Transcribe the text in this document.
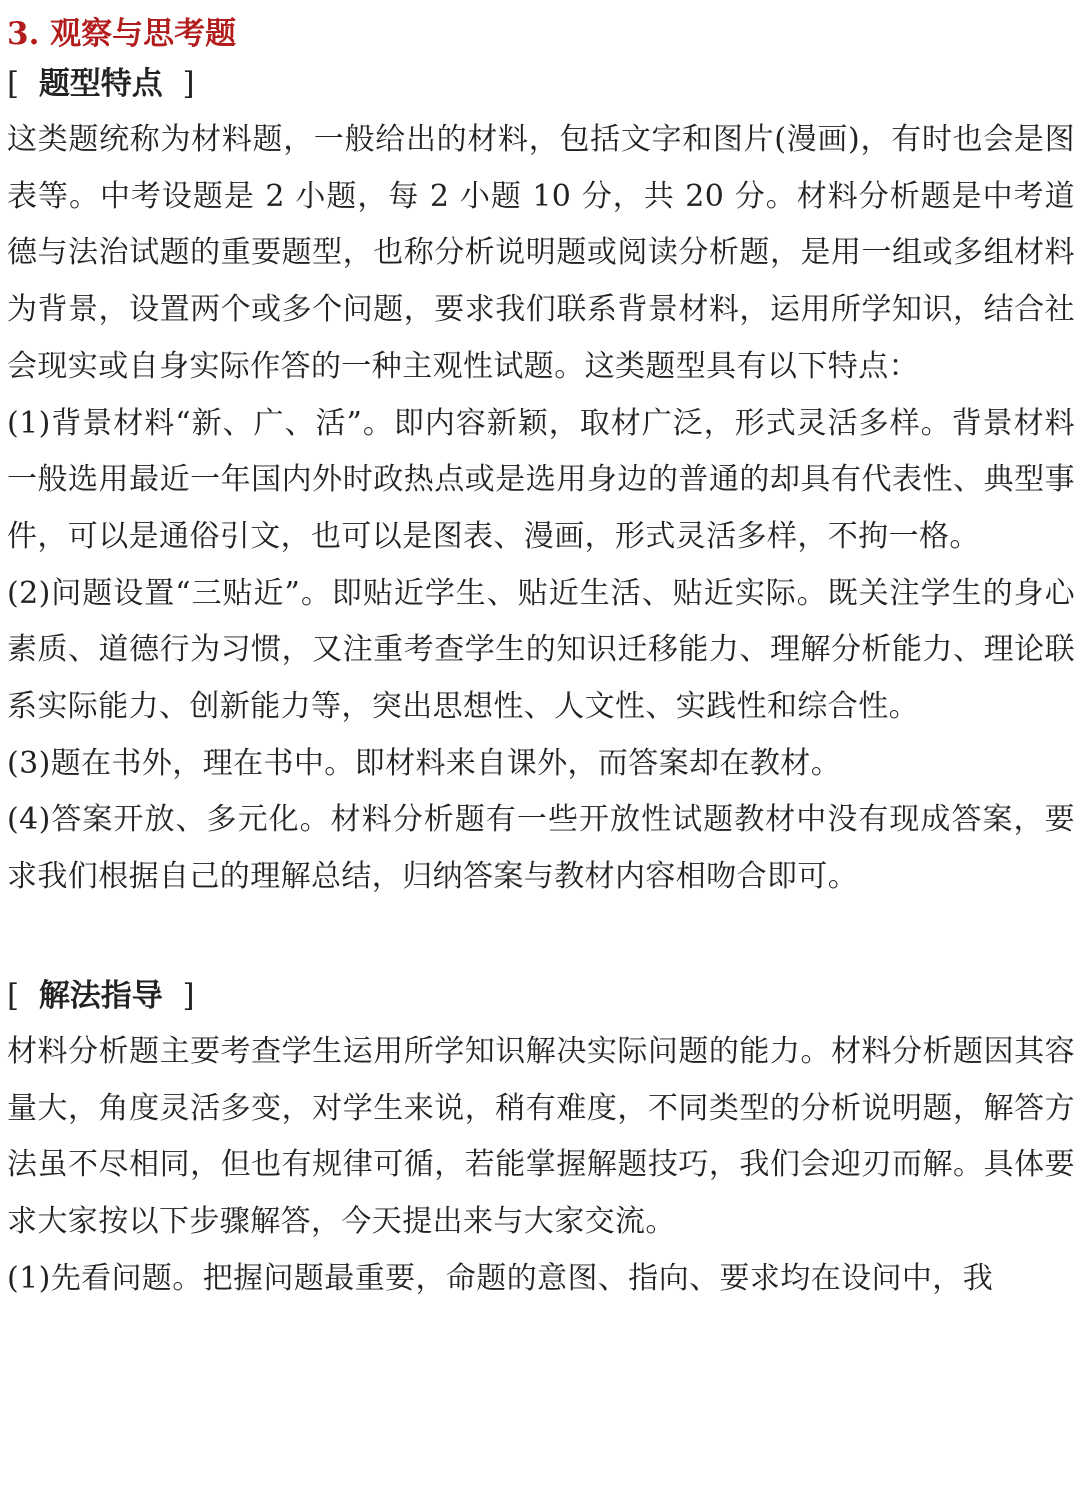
3. 观察与思考题
[  题型特点  ]

这类题统称为材料题，一般给出的材料，包括文字和图片(漫画)，有时也会是图表等。中考设题是 2 小题，每 2 小题 10 分，共 20 分。材料分析题是中考道德与法治试题的重要题型，也称分析说明题或阅读分析题，是用一组或多组材料为背景，设置两个或多个问题，要求我们联系背景材料，运用所学知识，结合社会现实或自身实际作答的一种主观性试题。这类题型具有以下特点：

(1)背景材料“新、广、活”。即内容新颖，取材广泛，形式灵活多样。背景材料一般选用最近一年国内外时政热点或是选用身边的普通的却具有代表性、典型事件，可以是通俗引文，也可以是图表、漫画，形式灵活多样，不拘一格。

(2)问题设置“三贴近”。即贴近学生、贴近生活、贴近实际。既关注学生的身心素质、道德行为习惯，又注重考查学生的知识迁移能力、理解分析能力、理论联系实际能力、创新能力等，突出思想性、人文性、实践性和综合性。

(3)题在书外，理在书中。即材料来自课外，而答案却在教材。

(4)答案开放、多元化。材料分析题有一些开放性试题教材中没有现成答案，要求我们根据自己的理解总结，归纳答案与教材内容相吻合即可。

[  解法指导  ]

材料分析题主要考查学生运用所学知识解决实际问题的能力。材料分析题因其容量大，角度灵活多变，对学生来说，稍有难度，不同类型的分析说明题，解答方法虽不尽相同，但也有规律可循，若能掌握解题技巧，我们会迎刃而解。具体要求大家按以下步骤解答，今天提出来与大家交流。

(1)先看问题。把握问题最重要，命题的意图、指向、要求均在设问中，我
